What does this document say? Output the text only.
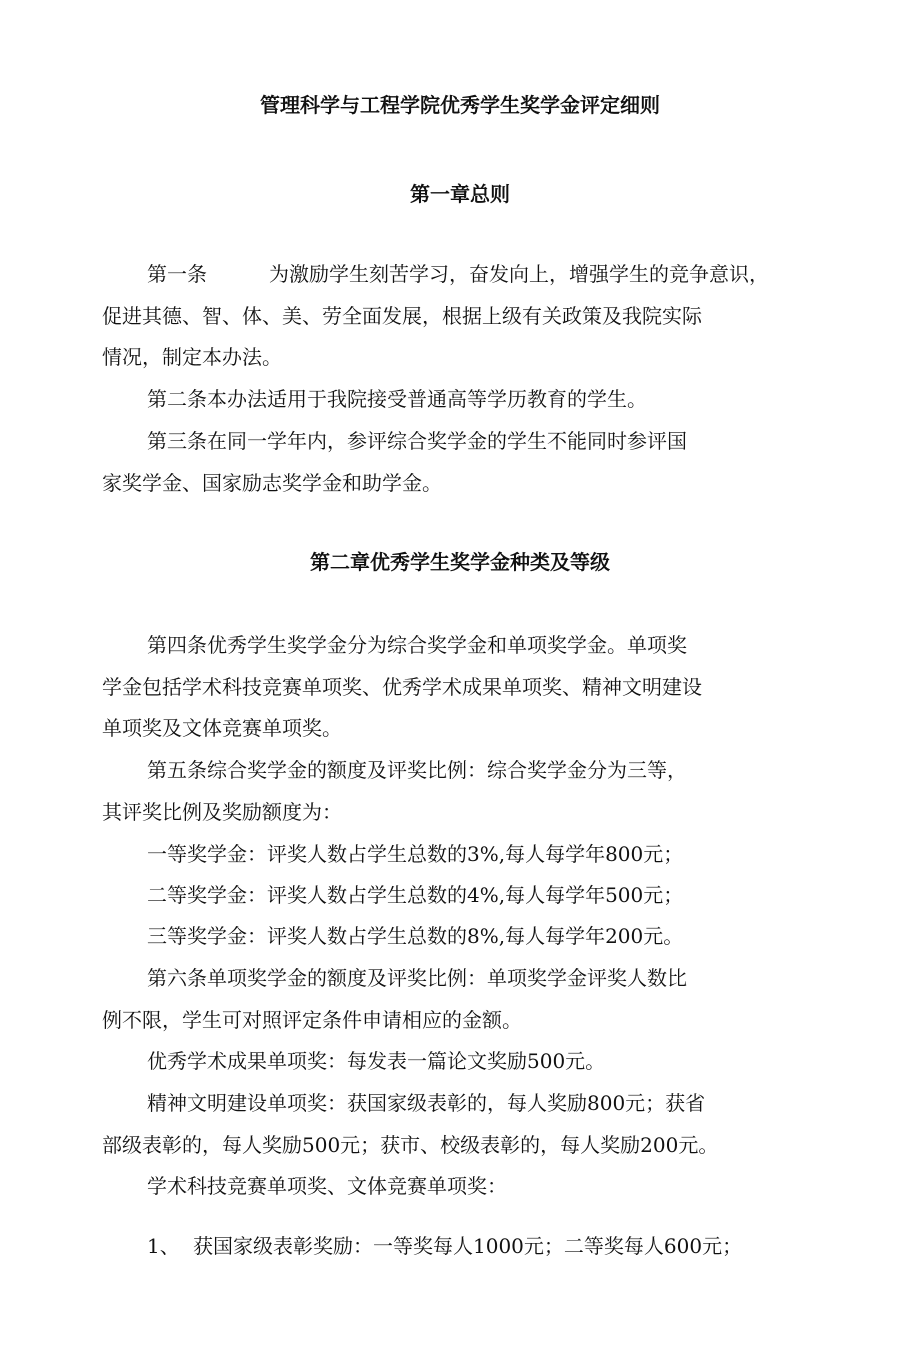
管理科学与工程学院优秀学生奖学金评定细则
第一章总则

第一条	为激励学生刻苦学习，奋发向上，增强学生的竞争意识，

促进其德、智、体、美、劳全面发展，根据上级有关政策及我院实际

情况，制定本办法。

第二条本办法适用于我院接受普通高等学历教育的学生。

第三条在同一学年内，参评综合奖学金的学生不能同时参评国

家奖学金、国家励志奖学金和助学金。

第二章优秀学生奖学金种类及等级

第四条优秀学生奖学金分为综合奖学金和单项奖学金。单项奖

学金包括学术科技竞赛单项奖、优秀学术成果单项奖、精神文明建设

单项奖及文体竞赛单项奖。

第五条综合奖学金的额度及评奖比例：综合奖学金分为三等，

其评奖比例及奖励额度为：

一等奖学金：评奖人数占学生总数的3%,每人每学年800元；

二等奖学金：评奖人数占学生总数的4%,每人每学年500元；

三等奖学金：评奖人数占学生总数的8%,每人每学年200元。

第六条单项奖学金的额度及评奖比例：单项奖学金评奖人数比

例不限，学生可对照评定条件申请相应的金额。

优秀学术成果单项奖：每发表一篇论文奖励500元。

精神文明建设单项奖：获国家级表彰的，每人奖励800元；获省

部级表彰的，每人奖励500元；获市、校级表彰的，每人奖励200元。

学术科技竞赛单项奖、文体竞赛单项奖：

1、 获国家级表彰奖励：一等奖每人1000元；二等奖每人600元；
